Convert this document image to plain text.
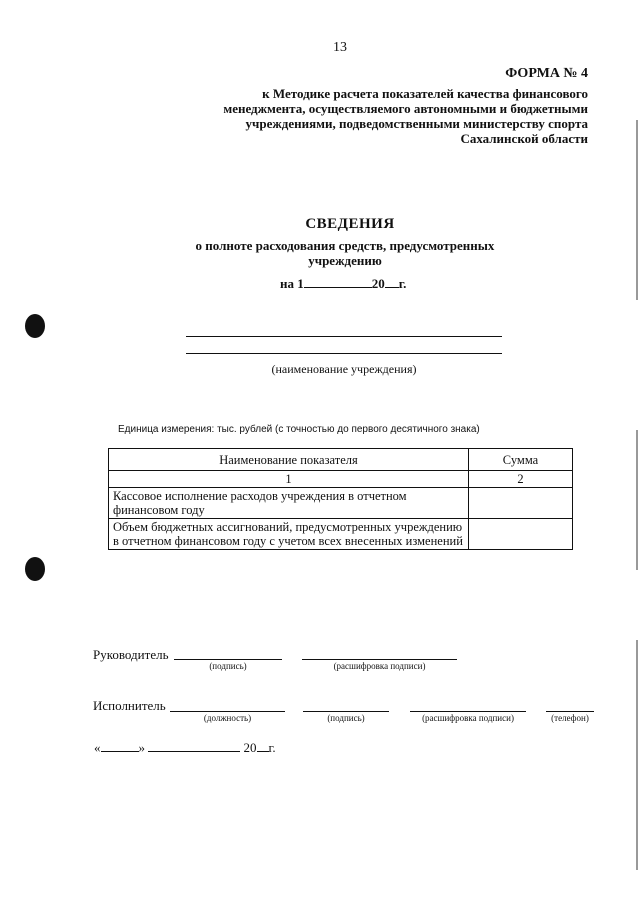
13
ФОРМА № 4
к Методике расчета показателей качества финансового
менеджмента, осуществляемого автономными и бюджетными
учреждениями, подведомственными министерству спорта
Сахалинской области
СВЕДЕНИЯ
о полноте расходования средств, предусмотренных
учреждению
на 1	20 г.
(наименование учреждения)
Единица измерения: тыс. рублей (с точностью до первого десятичного знака)
Наименование показателя	Сумма
1	2
Кассовое исполнение расходов учреждения в отчетном финансовом году	
Объем бюджетных ассигнований, предусмотренных учреждению в отчетном финансовом году с учетом всех внесенных изменений	
Руководитель
(подпись)	(расшифровка подписи)
Исполнитель
(должность)	(подпись)	(расшифровка подписи)	(телефон)
«	»	20 г.
